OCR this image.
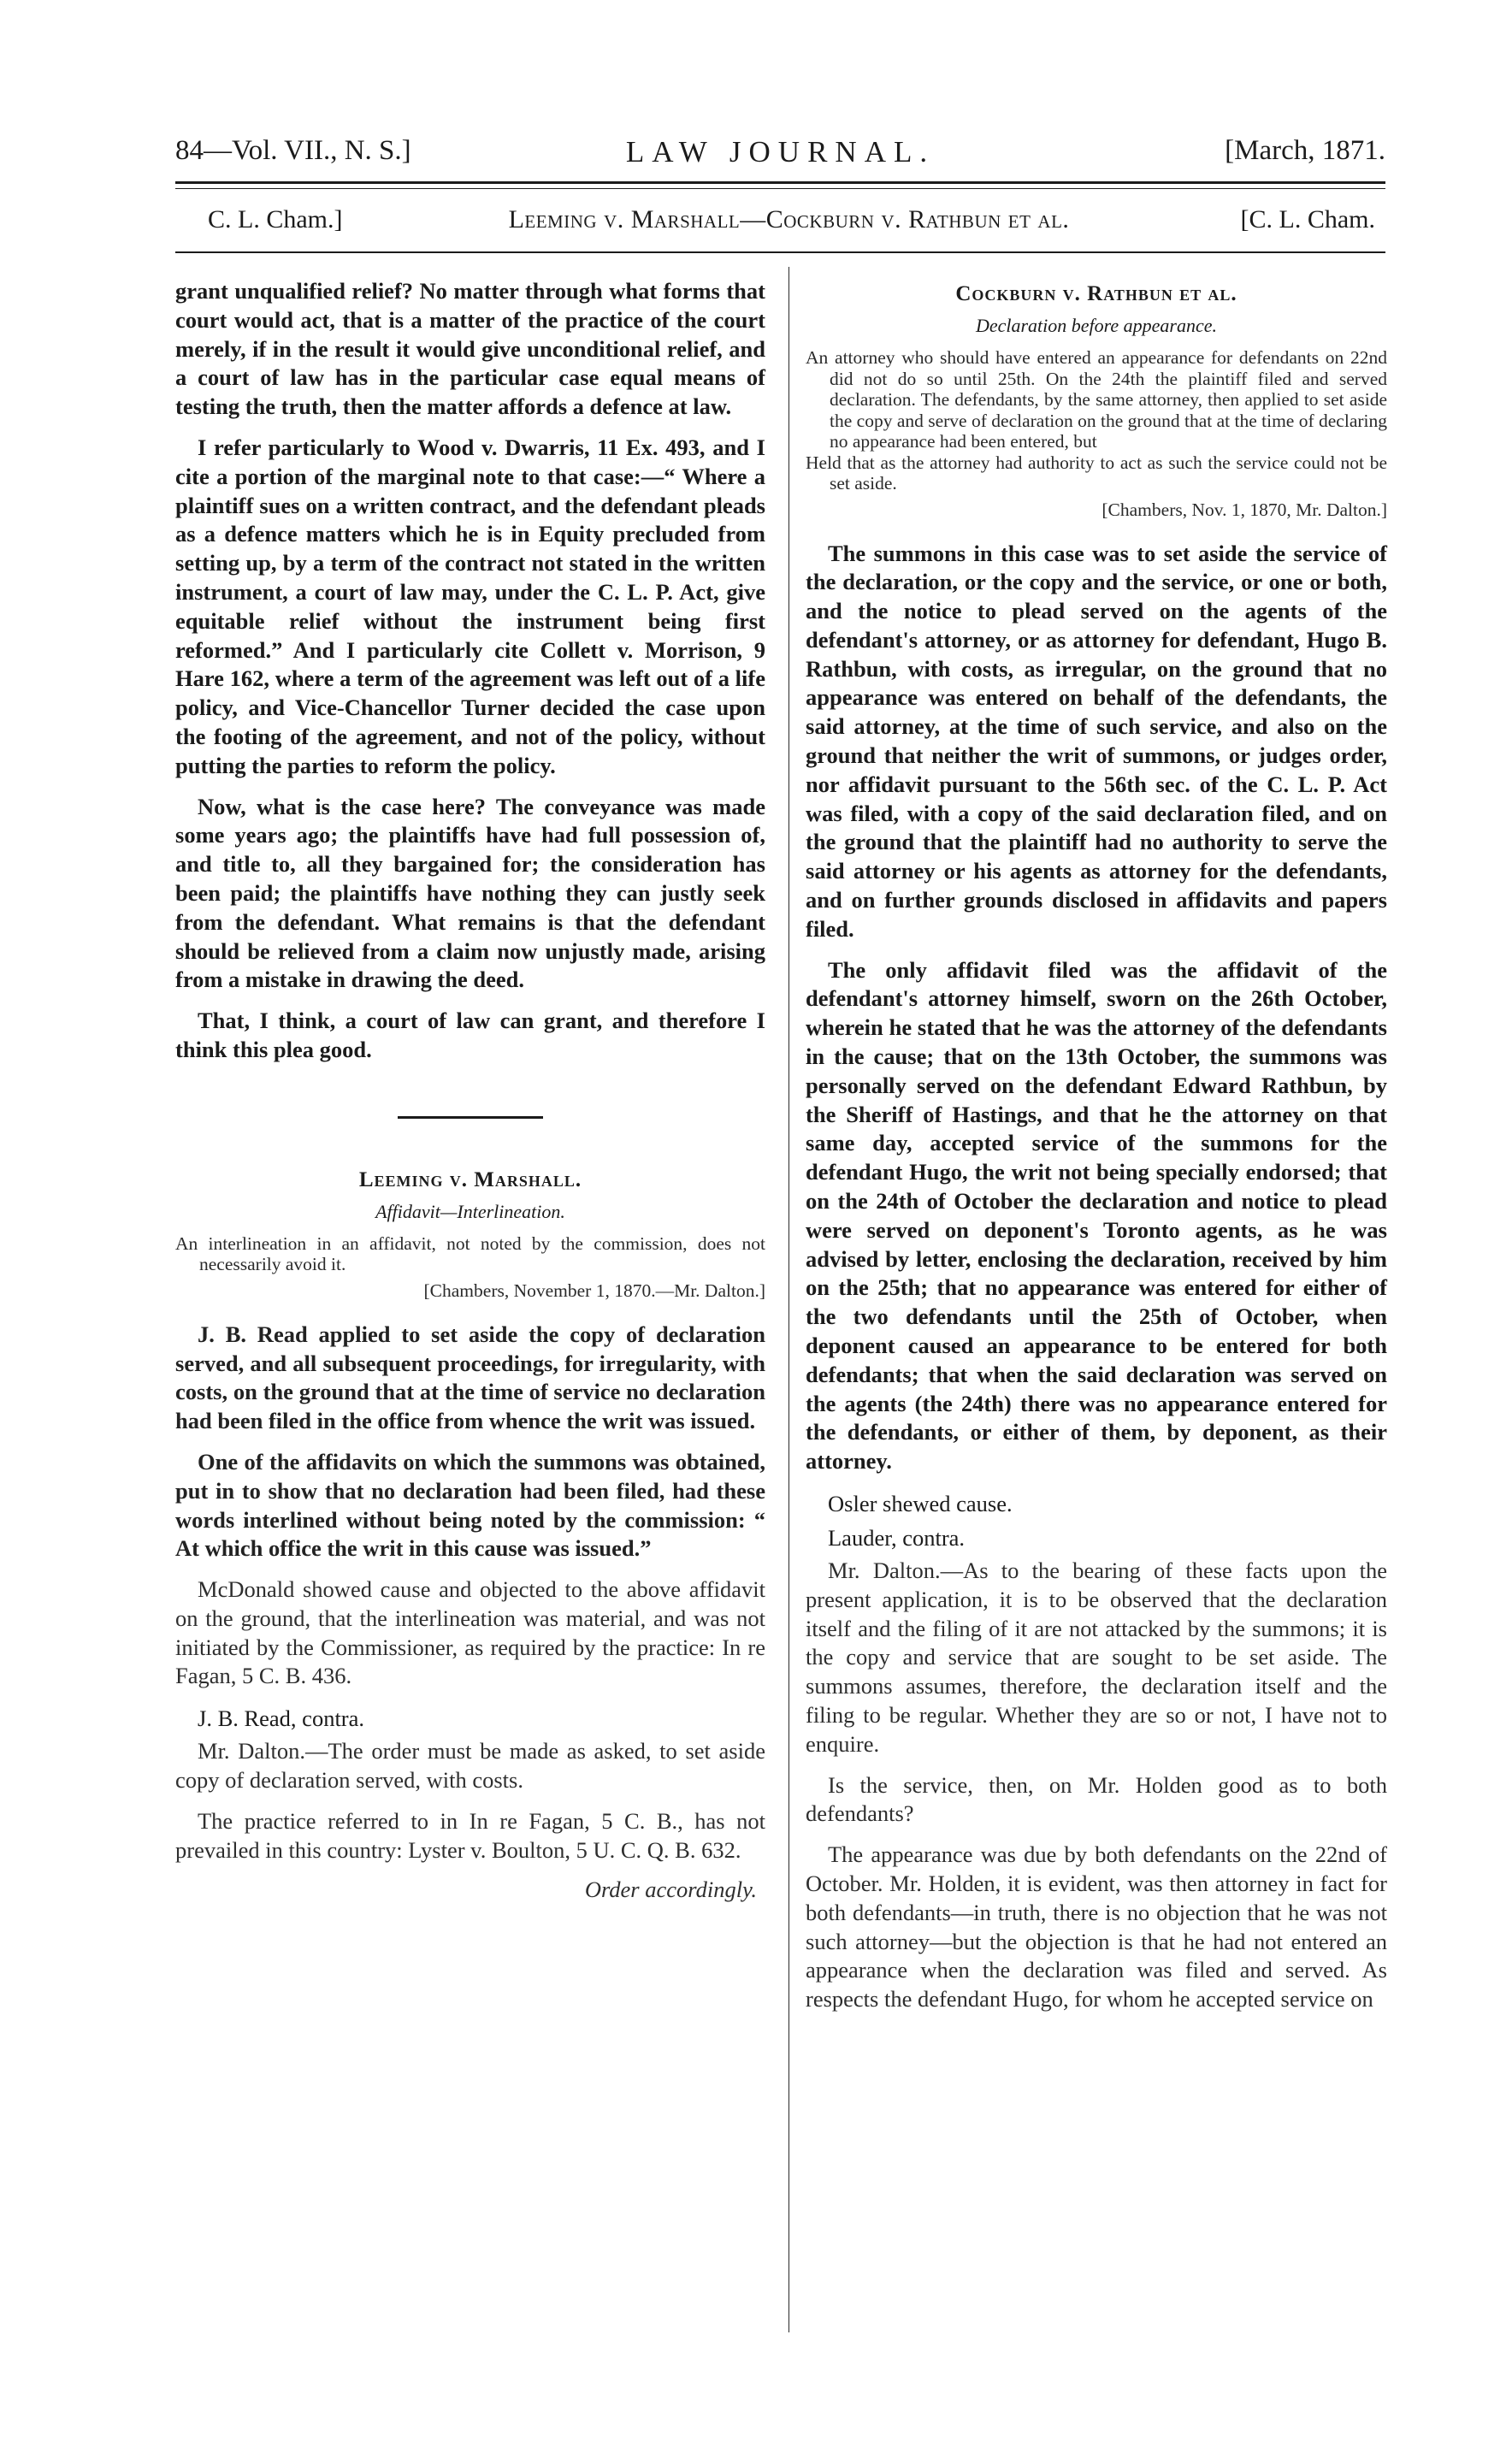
84—Vol. VII., N. S.]	LAW JOURNAL.	[March, 1871.
C. L. Cham.]	Leeming v. Marshall—Cockburn v. Rathbun et al.	[C. L. Cham.

grant unqualified relief? No matter through what forms that court would act, that is a matter of the practice of the court merely, if in the result it would give unconditional relief, and a court of law has in the particular case equal means of testing the truth, then the matter affords a defence at law.

I refer particularly to Wood v. Dwarris, 11 Ex. 493, and I cite a portion of the marginal note to that case:—“ Where a plaintiff sues on a written contract, and the defendant pleads as a defence matters which he is in Equity precluded from setting up, by a term of the contract not stated in the written instrument, a court of law may, under the C. L. P. Act, give equitable relief without the instrument being first reformed.” And I particularly cite Collett v. Morrison, 9 Hare 162, where a term of the agreement was left out of a life policy, and Vice-Chancellor Turner decided the case upon the footing of the agreement, and not of the policy, without putting the parties to reform the policy.

Now, what is the case here? The conveyance was made some years ago; the plaintiffs have had full possession of, and title to, all they bargained for; the consideration has been paid; the plaintiffs have nothing they can justly seek from the defendant. What remains is that the defendant should be relieved from a claim now unjustly made, arising from a mistake in drawing the deed.

That, I think, a court of law can grant, and therefore I think this plea good.

Leeming v. Marshall.
Affidavit—Interlineation.

An interlineation in an affidavit, not noted by the commission, does not necessarily avoid it.

[Chambers, November 1, 1870.—Mr. Dalton.]

J. B. Read applied to set aside the copy of declaration served, and all subsequent proceedings, for irregularity, with costs, on the ground that at the time of service no declaration had been filed in the office from whence the writ was issued.

One of the affidavits on which the summons was obtained, put in to show that no declaration had been filed, had these words interlined without being noted by the commission: “ At which office the writ in this cause was issued.”

McDonald showed cause and objected to the above affidavit on the ground, that the interlineation was material, and was not initiated by the Commissioner, as required by the practice: In re Fagan, 5 C. B. 436.

J. B. Read, contra.

Mr. Dalton.—The order must be made as asked, to set aside copy of declaration served, with costs.

The practice referred to in In re Fagan, 5 C. B., has not prevailed in this country: Lyster v. Boulton, 5 U. C. Q. B. 632.

Order accordingly.
Cockburn v. Rathbun et al.
Declaration before appearance.

An attorney who should have entered an appearance for defendants on 22nd did not do so until 25th. On the 24th the plaintiff filed and served declaration. The defendants, by the same attorney, then applied to set aside the copy and serve of declaration on the ground that at the time of declaring no appearance had been entered, but

Held that as the attorney had authority to act as such the service could not be set aside.

[Chambers, Nov. 1, 1870, Mr. Dalton.]

The summons in this case was to set aside the service of the declaration, or the copy and the service, or one or both, and the notice to plead served on the agents of the defendant's attorney, or as attorney for defendant, Hugo B. Rathbun, with costs, as irregular, on the ground that no appearance was entered on behalf of the defendants, the said attorney, at the time of such service, and also on the ground that neither the writ of summons, or judges order, nor affidavit pursuant to the 56th sec. of the C. L. P. Act was filed, with a copy of the said declaration filed, and on the ground that the plaintiff had no authority to serve the said attorney or his agents as attorney for the defendants, and on further grounds disclosed in affidavits and papers filed.

The only affidavit filed was the affidavit of the defendant's attorney himself, sworn on the 26th October, wherein he stated that he was the attorney of the defendants in the cause; that on the 13th October, the summons was personally served on the defendant Edward Rathbun, by the Sheriff of Hastings, and that he the attorney on that same day, accepted service of the summons for the defendant Hugo, the writ not being specially endorsed; that on the 24th of October the declaration and notice to plead were served on deponent's Toronto agents, as he was advised by letter, enclosing the declaration, received by him on the 25th; that no appearance was entered for either of the two defendants until the 25th of October, when deponent caused an appearance to be entered for both defendants; that when the said declaration was served on the agents (the 24th) there was no appearance entered for the defendants, or either of them, by deponent, as their attorney.

Osler shewed cause.

Lauder, contra.

Mr. Dalton.—As to the bearing of these facts upon the present application, it is to be observed that the declaration itself and the filing of it are not attacked by the summons; it is the copy and service that are sought to be set aside. The summons assumes, therefore, the declaration itself and the filing to be regular. Whether they are so or not, I have not to enquire.

Is the service, then, on Mr. Holden good as to both defendants?

The appearance was due by both defendants on the 22nd of October. Mr. Holden, it is evident, was then attorney in fact for both defendants—in truth, there is no objection that he was not such attorney—but the objection is that he had not entered an appearance when the declaration was filed and served. As respects the defendant Hugo, for whom he accepted service on
